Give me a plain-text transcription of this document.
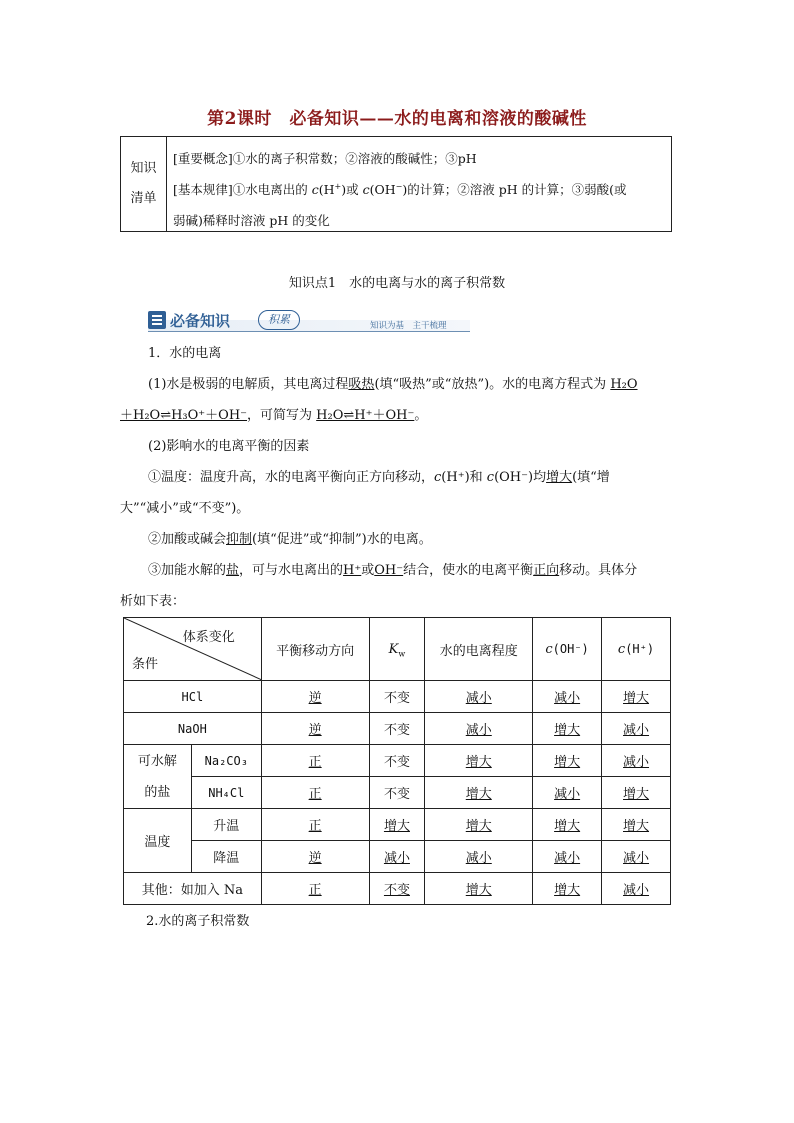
第2课时　必备知识——水的电离和溶液的酸碱性
知识
清单
[重要概念]①水的离子积常数；②溶液的酸碱性；③pH
[基本规律]①水电离出的 c(H+)或 c(OH−)的计算；②溶液 pH 的计算；③弱酸(或
弱碱)稀释时溶液 pH 的变化
知识点1　水的电离与水的离子积常数
必备知识	积累	知识为基　主干梳理
1．水的电离
(1)水是极弱的电解质，其电离过程吸热(填“吸热”或“放热”)。水的电离方程式为 H₂O
＋H₂O⇌H₃O⁺＋OH⁻，可简写为 H₂O⇌H⁺＋OH⁻。
(2)影响水的电离平衡的因素
①温度：温度升高，水的电离平衡向正方向移动，c(H⁺)和 c(OH⁻)均增大(填“增
大”“减小”或“不变”)。
②加酸或碱会抑制(填“促进”或“抑制”)水的电离。
③加能水解的盐，可与水电离出的H⁺或OH⁻结合，使水的电离平衡正向移动。具体分
析如下表：
体系变化
条件		平衡移动方向	$K_w$	水的电离程度	c(OH⁻)	c(H⁺)
HCl		逆	不变	减小	减小	增大
NaOH		逆	不变	减小	增大	减小

可水解
的盐	Na₂CO₃	正	不变	增大	增大	减小
	NH₄Cl	正	不变	增大	减小	增大
温度	升温	正	增大	增大	增大	增大
	降温	逆	减小	减小	减小	减小
其他：如加入 Na		正	不变	增大	增大	减小
2.水的离子积常数
